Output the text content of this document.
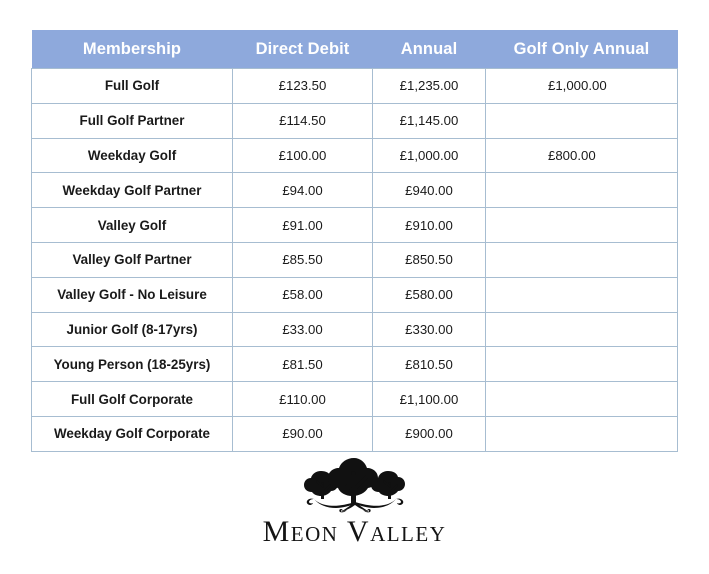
Membership	Direct Debit	Annual	Golf Only Annual
Full Golf	£123.50	£1,235.00	£1,000.00
Full Golf Partner	£114.50	£1,145.00	
Weekday Golf	£100.00	£1,000.00	£800.00
Weekday Golf Partner	£94.00	£940.00	
Valley Golf	£91.00	£910.00	
Valley Golf Partner	£85.50	£850.50	
Valley Golf - No Leisure	£58.00	£580.00	
Junior Golf (8-17yrs)	£33.00	£330.00	
Young Person (18-25yrs)	£81.50	£810.50	
Full Golf Corporate	£110.00	£1,100.00	
Weekday Golf Corporate	£90.00	£900.00	
Meon Valley
